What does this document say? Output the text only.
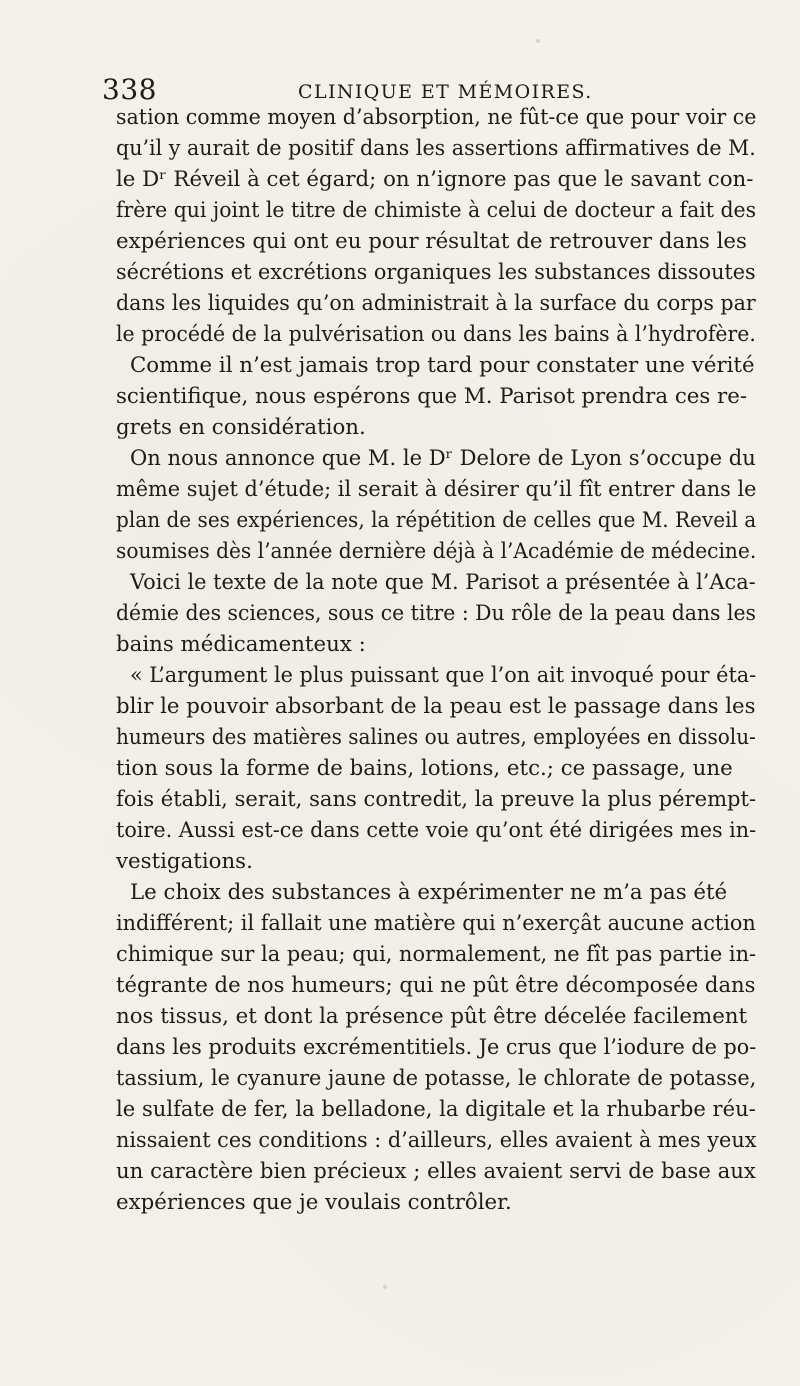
338	CLINIQUE ET MÉMOIRES.
sation comme moyen d’absorption, ne fût-ce que pour voir ce
qu’il y aurait de positif dans les assertions affirmatives de M.
le Dʳ Réveil à cet égard; on n’ignore pas que le savant con-
frère qui joint le titre de chimiste à celui de docteur a fait des
expériences qui ont eu pour résultat de retrouver dans les
sécrétions et excrétions organiques les substances dissoutes
dans les liquides qu’on administrait à la surface du corps par
le procédé de la pulvérisation ou dans les bains à l’hydrofère.
Comme il n’est jamais trop tard pour constater une vérité
scientifique, nous espérons que M. Parisot prendra ces re-
grets en considération.
On nous annonce que M. le Dʳ Delore de Lyon s’occupe du
même sujet d’étude; il serait à désirer qu’il fît entrer dans le
plan de ses expériences, la répétition de celles que M. Reveil a
soumises dès l’année dernière déjà à l’Académie de médecine.
Voici le texte de la note que M. Parisot a présentée à l’Aca-
démie des sciences, sous ce titre : Du rôle de la peau dans les
bains médicamenteux :
« L’argument le plus puissant que l’on ait invoqué pour éta-
blir le pouvoir absorbant de la peau est le passage dans les
humeurs des matières salines ou autres, employées en dissolu-
tion sous la forme de bains, lotions, etc.; ce passage, une
fois établi, serait, sans contredit, la preuve la plus pérempt-
toire. Aussi est-ce dans cette voie qu’ont été dirigées mes in-
vestigations.
Le choix des substances à expérimenter ne m’a pas été
indifférent; il fallait une matière qui n’exerçât aucune action
chimique sur la peau; qui, normalement, ne fît pas partie in-
tégrante de nos humeurs; qui ne pût être décomposée dans
nos tissus, et dont la présence pût être décelée facilement
dans les produits excrémentitiels. Je crus que l’iodure de po-
tassium, le cyanure jaune de potasse, le chlorate de potasse,
le sulfate de fer, la belladone, la digitale et la rhubarbe réu-
nissaient ces conditions : d’ailleurs, elles avaient à mes yeux
un caractère bien précieux ; elles avaient servi de base aux
expériences que je voulais contrôler.
